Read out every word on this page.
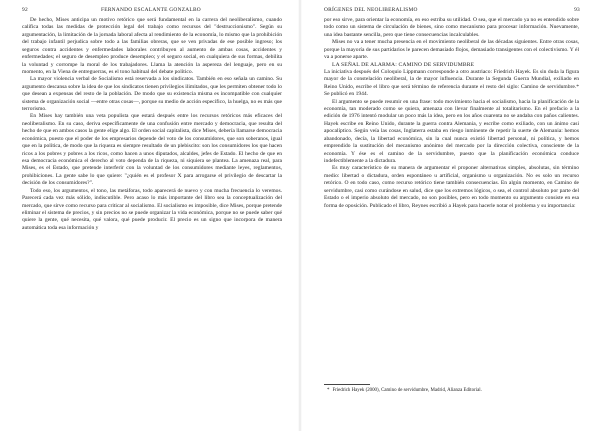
92	FERNANDO ESCALANTE GONZALBO

De hecho, Mises anticipa un motivo retórico que será fundamental en la carrera del neoliberalismo, cuando califica todas las medidas de protección legal del trabajo como recursos del "destruccionismo". Según su argumentación, la limitación de la jornada laboral afecta al rendimiento de la economía, lo mismo que la prohibición del trabajo infantil perjudica sobre todo a las familias obreras, que se ven privadas de ese posible ingreso; los seguros contra accidentes y enfermedades laborales contribuyen al aumento de ambas cosas, accidentes y enfermedades; el seguro de desempleo produce desempleo; y el seguro social, en cualquiera de sus formas, debilita la voluntad y corrompe la moral de los trabajadores. Llama la atención la aspereza del lenguaje, pero en su momento, en la Viena de entreguerras, es el tono habitual del debate político.

La mayor violencia verbal de Socialismo está reservada a los sindicatos. También en eso señala un camino. Su argumento descansa sobre la idea de que los sindicatos tienen privilegios ilimitados, que les permiten obtener todo lo que desean a expensas del resto de la población. De modo que su existencia misma es incompatible con cualquier sistema de organización social —entre otras cosas—, porque su medio de acción específico, la huelga, no es más que terrorismo.

En Mises hay también una veta populista que estará después entre los recursos retóricos más eficaces del neoliberalismo. En su caso, deriva específicamente de una confusión entre mercado y democracia, que resulta del hecho de que en ambos casos la gente elige algo. El orden social capitalista, dice Mises, debería llamarse democracia económica, puesto que el poder de los empresarios depende del voto de los consumidores, que son soberanos, igual que en la política, de modo que la riqueza es siempre resultado de un plebiscito: son los consumidores los que hacen ricos a los pobres y pobres a los ricos, como hacen a unos diputados, alcaldes, jefes de Estado. El hecho de que en esa democracia económica el derecho al voto dependa de la riqueza, ni siquiera se plantea. La amenaza real, para Mises, es el Estado, que pretende interferir con la voluntad de los consumidores mediante leyes, reglamentos, prohibiciones. La gente sabe lo que quiere: "¿quién es el profesor X para arrogarse el privilegio de descartar la decisión de los consumidores?".

Todo eso, los argumentos, el tono, las metáforas, todo aparecerá de nuevo y con mucha frecuencia lo veremos. Parecerá cada vez más sólido, indiscutible. Pero acaso lo más importante del libro sea la conceptualización del mercado, que sirve como recurso para criticar al socialismo. El socialismo es imposible, dice Mises, porque pretende eliminar el sistema de precios, y sin precios no se puede organizar la vida económica, porque no se puede saber qué quiere la gente, qué necesita, qué valora, qué puede producir. El precio es un signo que incorpora de manera automática toda esa información y

ORÍGENES DEL NEOLIBERALISMO	93

por eso sirve, para orientar la economía, en eso estriba su utilidad. O sea, que el mercado ya no es entendido sobre todo como un sistema de circulación de bienes, sino como mecanismo para procesar información. Nuevamente, una idea bastante sencilla, pero que tiene consecuencias incalculables.

Mises no va a tener mucha presencia en el movimiento neoliberal de las décadas siguientes. Entre otras cosas, porque la mayoría de sus partidarios le parecen demasiado flojos, demasiado transigentes con el colectivismo. Y él va a ponerse aparte.

LA SEÑAL DE ALARMA: CAMINO DE SERVIDUMBRE

La iniciativa después del Coloquio Lippmann corresponde a otro austriaco: Friedrich Hayek. Es sin duda la figura mayor de la constelación neoliberal, la de mayor influencia. Durante la Segunda Guerra Mundial, exiliado en Reino Unido, escribe el libro que será término de referencia durante el resto del siglo: Camino de servidumbre.* Se publicó en 1944.

El argumento se puede resumir en una frase: todo movimiento hacia el socialismo, hacia la planificación de la economía, tan moderado como se quiera, amenaza con llevar finalmente al totalitarismo. En el prefacio a la edición de 1976 intentó modular un poco más la idea, pero en los años cuarenta no se andaba con paños calientes. Hayek escribe en Reino Unido, durante la guerra contra Alemania, y escribe como exiliado, con un ánimo casi apocalíptico. Según veía las cosas, Inglaterra estaba en riesgo inminente de repetir la suerte de Alemania: hemos abandonado, decía, la libertad económica, sin la cual nunca existió libertad personal, ni política, y hemos emprendido la sustitución del mecanismo anónimo del mercado por la dirección colectiva, consciente de la economía. Y ése es el camino de la servidumbre, puesto que la planificación económica conduce indefectiblemente a la dictadura.

Es muy característico de su manera de argumentar el proponer alternativas simples, absolutas, sin término medio: libertad o dictadura, orden espontáneo u artificial, organismo u organización. No es solo un recurso retórico. O en todo caso, como recurso retórico tiene también consecuencias. En algún momento, en Camino de servidumbre, casi como curándose en salud, dice que los extremos lógicos, o sea, el control absoluto por parte del Estado o el imperio absoluto del mercado, no son posibles, pero en todo momento su argumento consiste en esa forma de oposición. Publicado el libro, Reynes escribió a Hayek para hacerle notar el problema y su importancia:

* Friedrich Hayek (2000), Camino de servidumbre, Madrid, Alianza Editorial.
